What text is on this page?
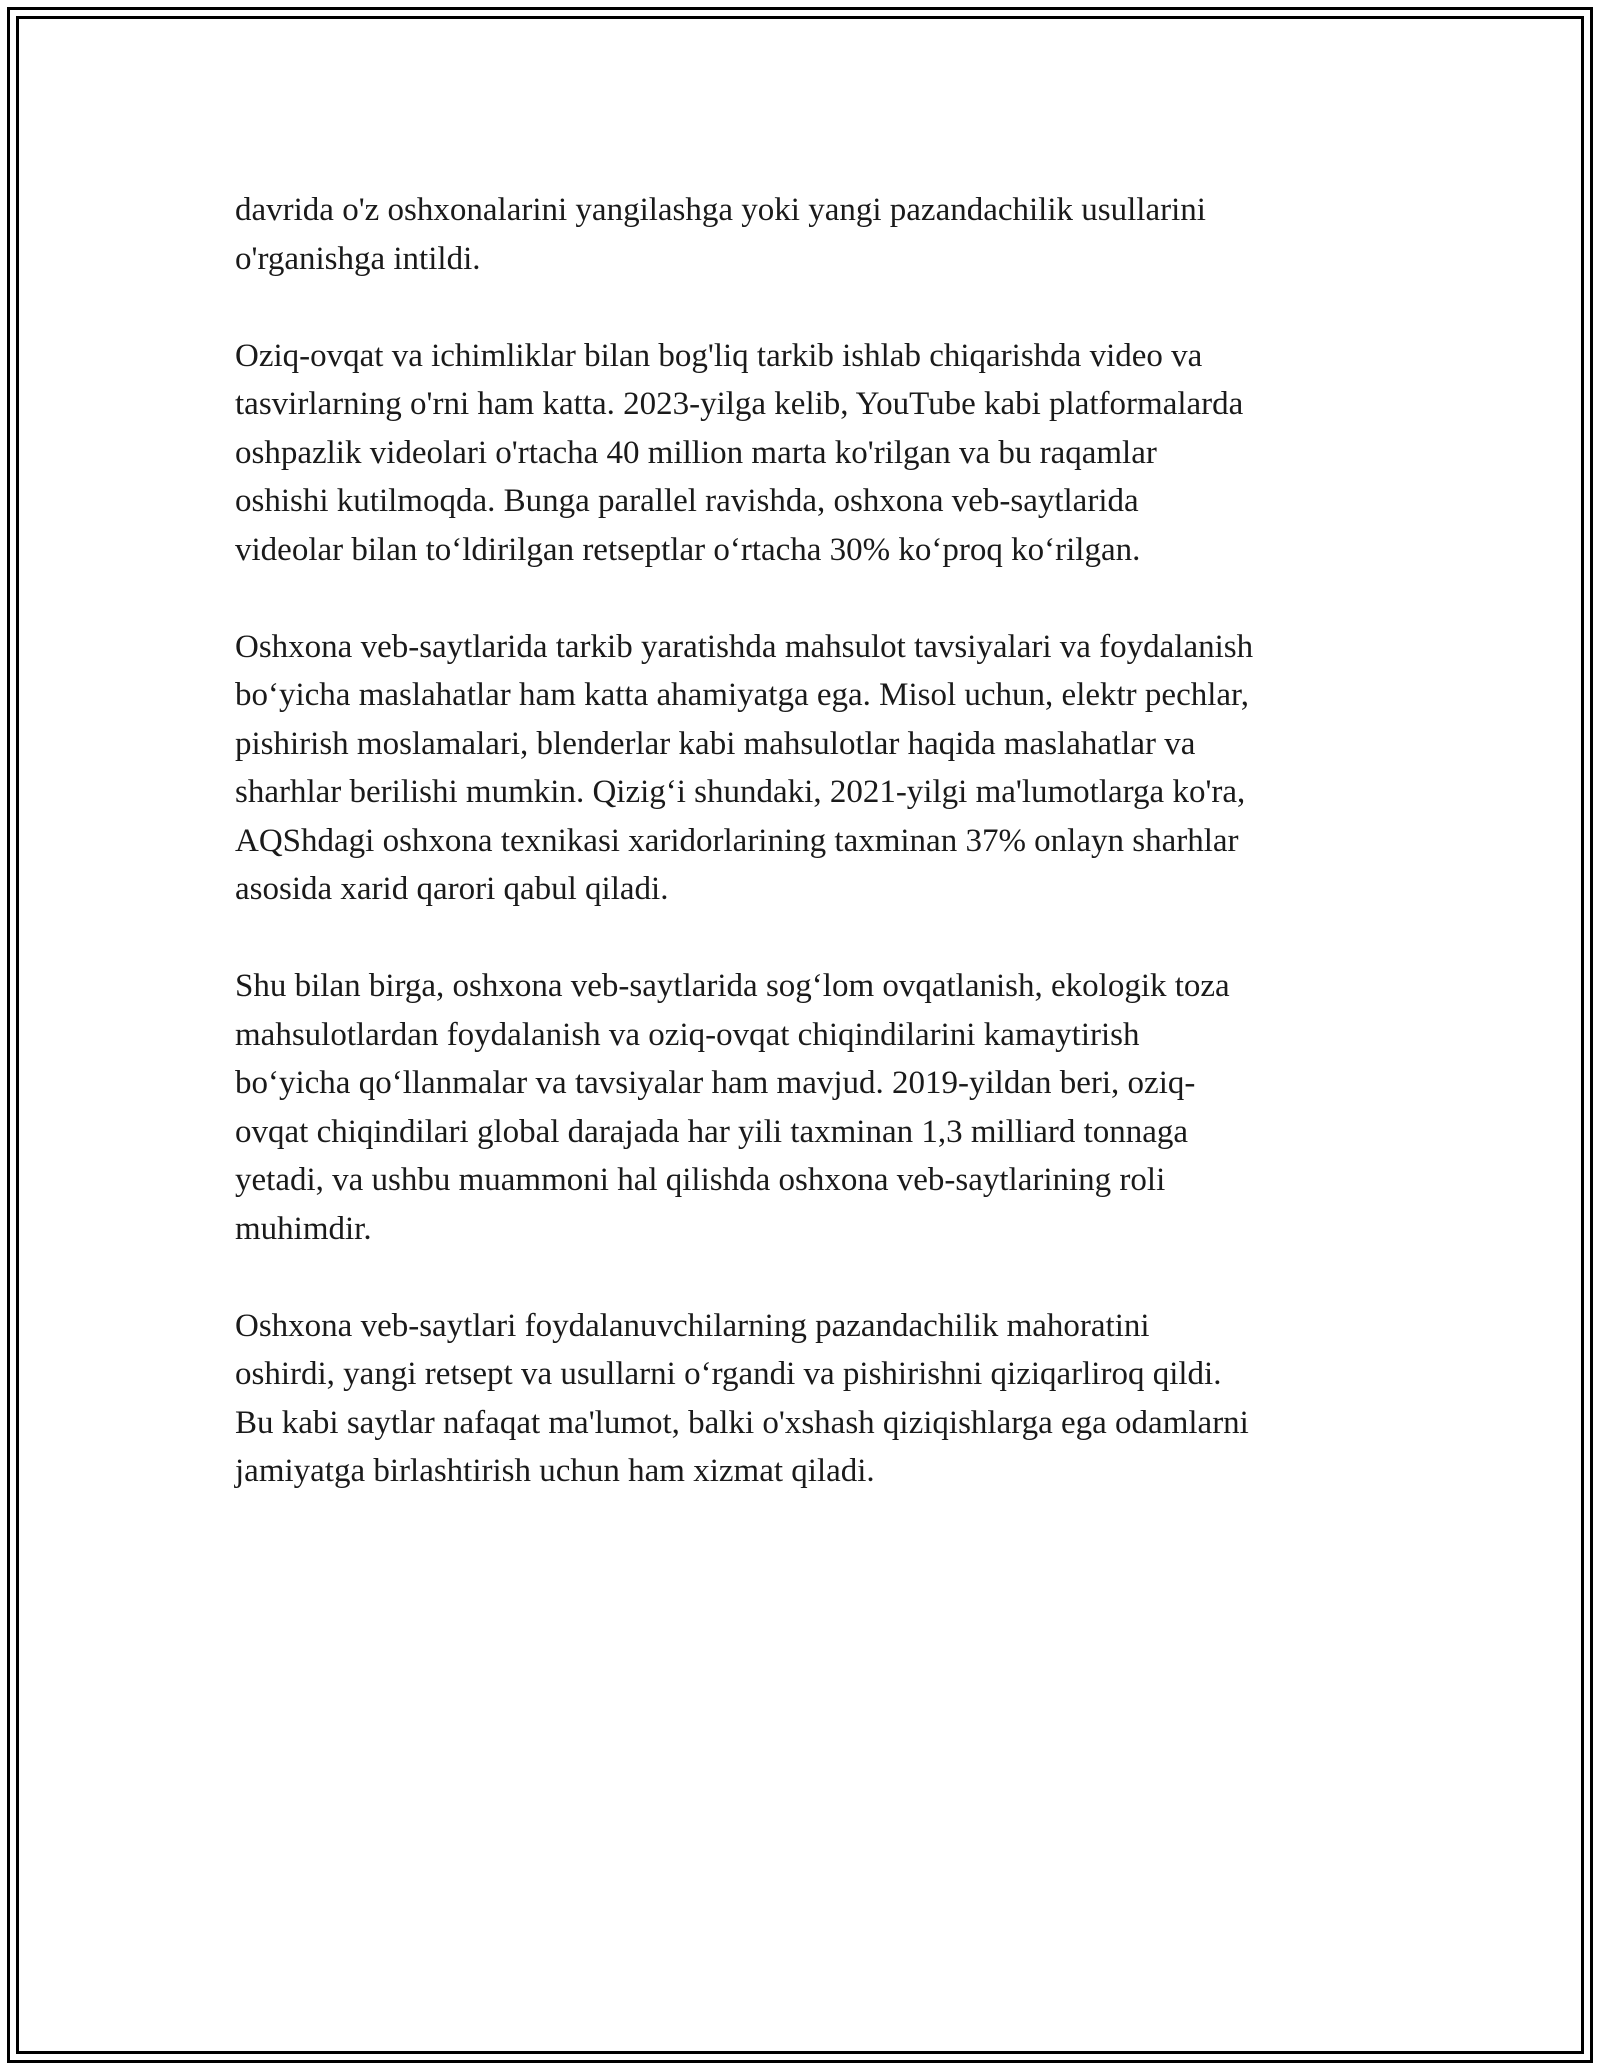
davrida o'z oshxonalarini yangilashga yoki yangi pazandachilik usullarini
o'rganishga intildi.

Oziq-ovqat va ichimliklar bilan bog'liq tarkib ishlab chiqarishda video va
tasvirlarning o'rni ham katta. 2023-yilga kelib, YouTube kabi platformalarda
oshpazlik videolari o'rtacha 40 million marta ko'rilgan va bu raqamlar
oshishi kutilmoqda. Bunga parallel ravishda, oshxona veb-saytlarida
videolar bilan to‘ldirilgan retseptlar o‘rtacha 30% ko‘proq ko‘rilgan.

Oshxona veb-saytlarida tarkib yaratishda mahsulot tavsiyalari va foydalanish
bo‘yicha maslahatlar ham katta ahamiyatga ega. Misol uchun, elektr pechlar,
pishirish moslamalari, blenderlar kabi mahsulotlar haqida maslahatlar va
sharhlar berilishi mumkin. Qizig‘i shundaki, 2021-yilgi ma'lumotlarga ko'ra,
AQShdagi oshxona texnikasi xaridorlarining taxminan 37% onlayn sharhlar
asosida xarid qarori qabul qiladi.

Shu bilan birga, oshxona veb-saytlarida sog‘lom ovqatlanish, ekologik toza
mahsulotlardan foydalanish va oziq-ovqat chiqindilarini kamaytirish
bo‘yicha qo‘llanmalar va tavsiyalar ham mavjud. 2019-yildan beri, oziq-
ovqat chiqindilari global darajada har yili taxminan 1,3 milliard tonnaga
yetadi, va ushbu muammoni hal qilishda oshxona veb-saytlarining roli
muhimdir.

Oshxona veb-saytlari foydalanuvchilarning pazandachilik mahoratini
oshirdi, yangi retsept va usullarni o‘rgandi va pishirishni qiziqarliroq qildi.
Bu kabi saytlar nafaqat ma'lumot, balki o'xshash qiziqishlarga ega odamlarni
jamiyatga birlashtirish uchun ham xizmat qiladi.
